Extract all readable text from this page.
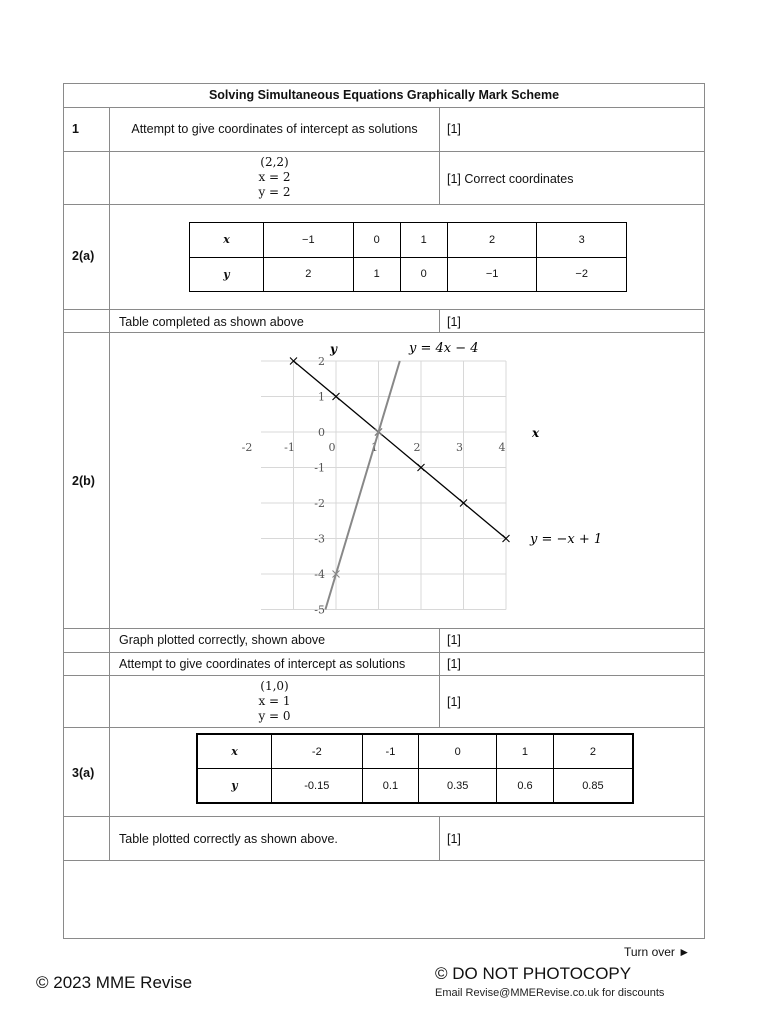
Solving Simultaneous Equations Graphically Mark Scheme
1	Attempt to give coordinates of intercept as solutions	[1]
(2,2)
x = 2
y = 2
[1] Correct coordinates
2(a)
x	−1	0	1	2	3
y	2	1	0	−1	−2
Table completed as shown above	[1]
2(b)
-2	-1	0	1	2	3	4
2
1
0
-1
-2
-3
-4
-5
x
y
y = −x + 1
y = 4x − 4
Graph plotted correctly, shown above	[1]
Attempt to give coordinates of intercept as solutions	[1]
(1,0)
x = 1
y = 0
[1]
3(a)
x	-2	-1	0	1	2
y	-0.15	0.1	0.35	0.6	0.85
Table plotted correctly as shown above.	[1]
Turn over ►
© 2023 MME Revise	© DO NOT PHOTOCOPY
Email Revise@MMERevise.co.uk for discounts
